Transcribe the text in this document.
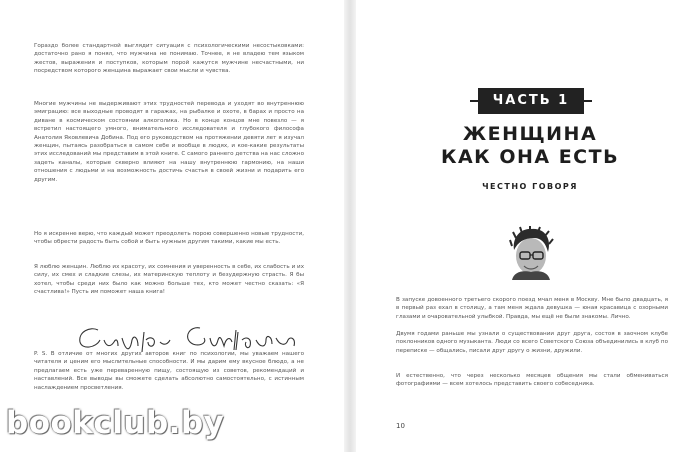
Гораздо более стандартной выглядит ситуация с психологическими несостыковками: достаточно рано я понял, что мужчина не понимаю. Точнее, я не владею тем языком жестов, выражения и поступков, которым порой кажутся мужчине несчастными, ни посредством которого женщина выражает свои мысли и чувства.

Многие мужчины не выдерживают этих трудностей перевода и уходят во внутреннюю эмиграцию: все выходные проводят в гаражах, на рыбалке и охоте, в барах и просто на диване в космическом состоянии алкоголика. Но в конце концов мне повезло — я встретил настоящего умного, внимательного исследователя и глубокого философа Анатолия Яковлевича Добина. Под его руководством на протяжении девяти лет я изучал женщин, пытаясь разобраться в самом себе и вообще в людях, и кое-какие результаты этих исследований мы представим в этой книге. С самого раннего детства на нас сложно задеть каналы, которые скверно влияют на нашу внутреннюю гармонию, на наши отношения с людьми и на возможность достичь счастья в своей жизни и подарить его другим.

Но я искренне верю, что каждый может преодолеть порою совершенно новые трудности, чтобы обрести радость быть собой и быть нужным другим такими, какие мы есть.

Я люблю женщин. Люблю их красоту, их сомнения и уверенность в себе, их слабость и их силу, их смех и сладкие слезы, их материнскую теплоту и безудержную страсть. Я бы хотел, чтобы среди них было как можно больше тех, кто может честно сказать: «Я счастлива!» Пусть им поможет наша книга!

P. S. В отличие от многих других авторов книг по психологии, мы уважаем нашего читателя и ценим его мыслительные способности. И мы дарим ему вкусное блюдо, а не предлагаем есть уже переваренную пищу, состоящую из советов, рекомендаций и наставлений. Все выводы вы сможете сделать абсолютно самостоятельно, с истинным наслаждением просветления.

bookclub.by
ЧАСТЬ 1
ЖЕНЩИНА
КАК ОНА ЕСТЬ
ЧЕСТНО ГОВОРЯ

В запуске довоенного третьего скорого поезд мчал меня в Москву. Мне было двадцать, я в первый раз ехал в столицу, а там меня ждала девушка — юная красавица с озорными глазами и очаровательной улыбкой. Правда, мы ещё не были знакомы. Лично.

Двумя годами раньше мы узнали о существовании друг друга, состоя в заочном клубе поклонников одного музыканта. Люди со всего Советского Союза объединились в клуб по переписке — общались, писали друг другу о жизни, дружили.

И естественно, что через несколько месяцев общения мы стали обмениваться фотографиями — всем хотелось представить своего собеседника.

10
